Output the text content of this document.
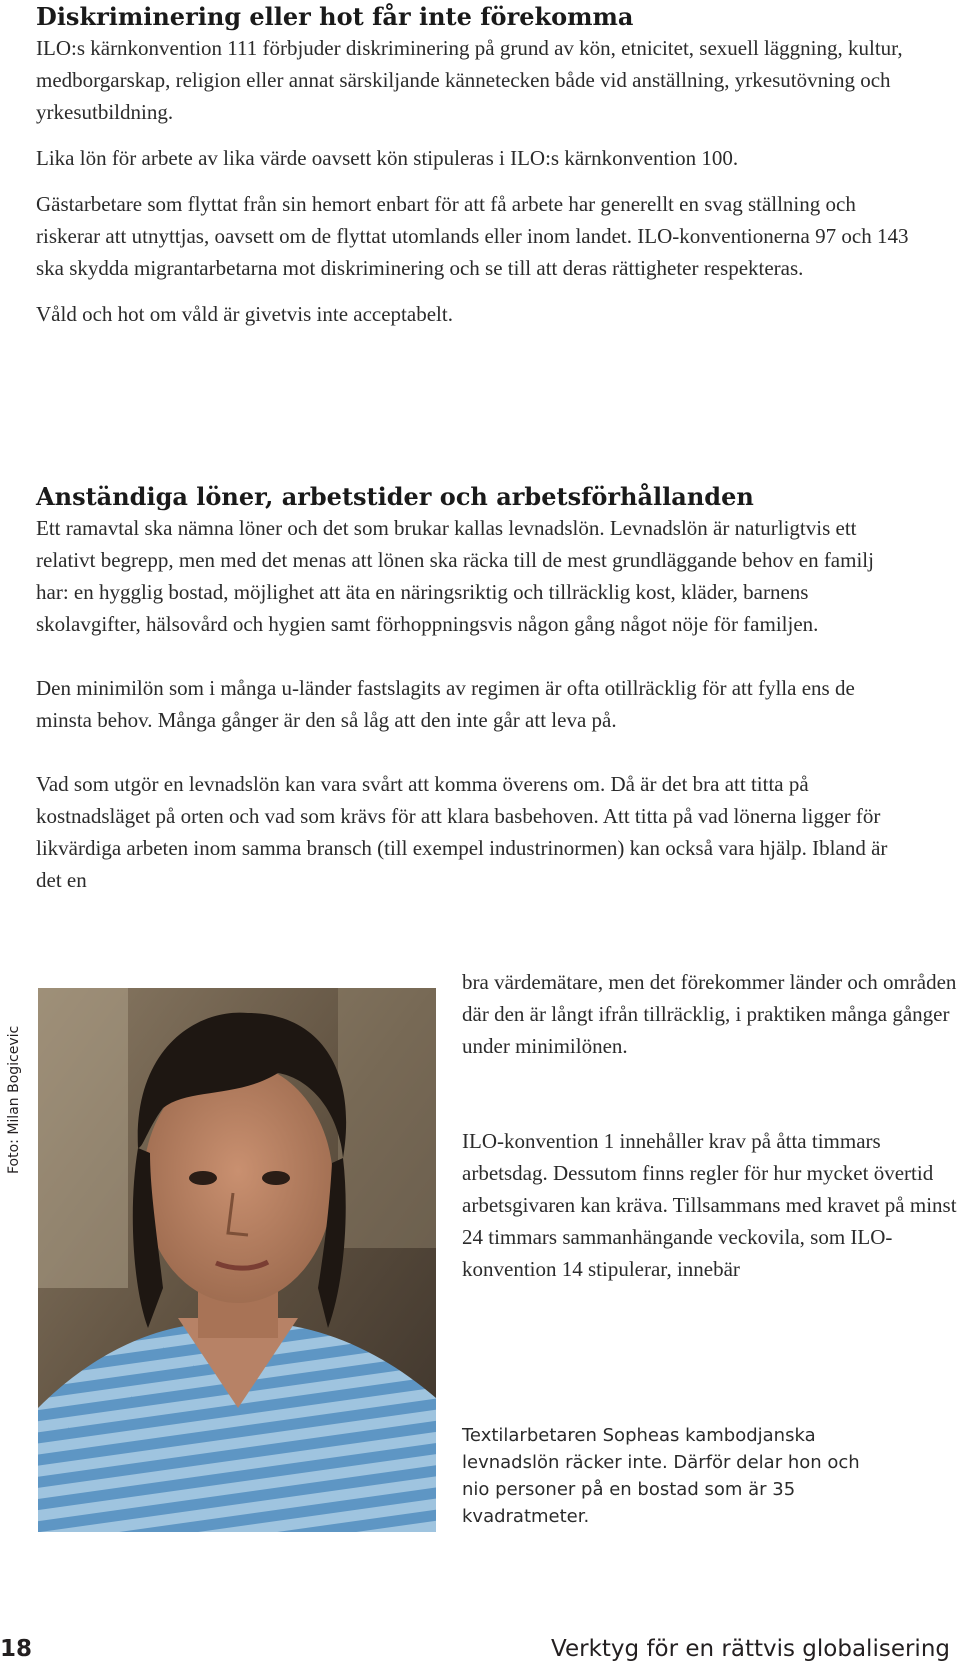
Diskriminering eller hot får inte förekomma

ILO:s kärnkonvention 111 förbjuder diskriminering på grund av kön, etnicitet, sexuell läggning, kultur, medborgarskap, religion eller annat särskiljande kännetecken både vid anställning, yrkesutövning och yrkesutbildning.

Lika lön för arbete av lika värde oavsett kön stipuleras i ILO:s kärnkonvention 100.

Gästarbetare som flyttat från sin hemort enbart för att få arbete har generellt en svag ställning och riskerar att utnyttjas, oavsett om de flyttat utomlands eller inom landet. ILO-konventionerna 97 och 143 ska skydda migrantarbetarna mot diskriminering och se till att deras rättigheter respekteras.

Våld och hot om våld är givetvis inte acceptabelt.

Anständiga löner, arbetstider och arbetsförhållanden

Ett ramavtal ska nämna löner och det som brukar kallas levnadslön. Levnadslön är naturligtvis ett relativt begrepp, men med det menas att lönen ska räcka till de mest grundläggande behov en familj har: en hygglig bostad, möjlighet att äta en näringsriktig och tillräcklig kost, kläder, barnens skolavgifter, hälsovård och hygien samt förhoppningsvis någon gång något nöje för familjen.

Den minimilön som i många u-länder fastslagits av regimen är ofta otillräcklig för att fylla ens de minsta behov. Många gånger är den så låg att den inte går att leva på.

Vad som utgör en levnadslön kan vara svårt att komma överens om. Då är det bra att titta på kostnadsläget på orten och vad som krävs för att klara basbehoven. Att titta på vad lönerna ligger för likvärdiga arbeten inom samma bransch (till exempel industrinormen) kan också vara hjälp. Ibland är det en

bra värdemätare, men det förekommer länder och områden där den är långt ifrån tillräcklig, i praktiken många gånger under minimilönen.

ILO-konvention 1 innehåller krav på åtta timmars arbetsdag. Dessutom finns regler för hur mycket övertid arbetsgivaren kan kräva. Tillsammans med kravet på minst 24 timmars sammanhängande veckovila, som ILO-konvention 14 stipulerar, innebär

Foto: Milan Bogicevic
Textilarbetaren Sopheas kambodjanska levnadslön räcker inte. Därför delar hon och nio personer på en bostad som är 35 kvadratmeter.
18	Verktyg för en rättvis globalisering
